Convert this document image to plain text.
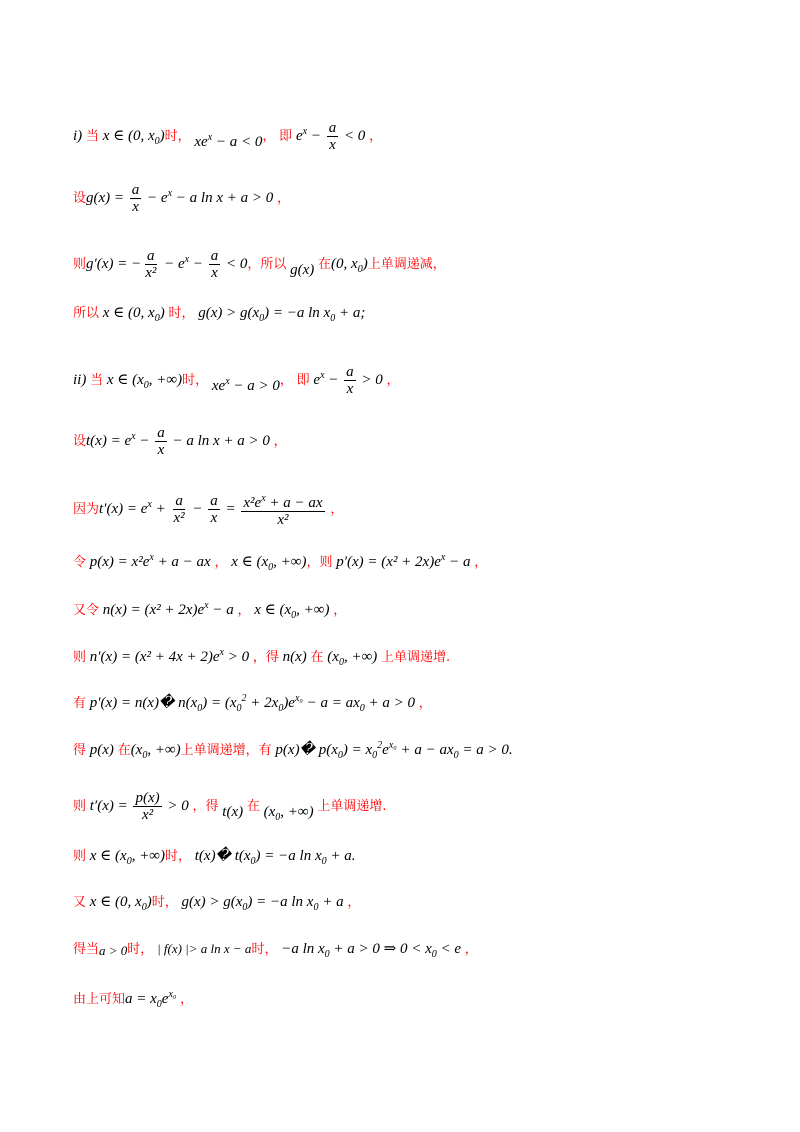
i) 当 x ∈ (0, $x_0$)时， $xe^x - a < 0$， 即 $e^x - \frac{a}{x} < 0$ ，
设$g(x) = \frac{a}{x} - e^x - a$ ln x + a > 0 ，
则g′(x) = − $\frac{a}{\text{x²}} - e^x - \frac{a}{x} < 0$，所以 g(x) 在(0, $x_0$)上单调递减，
所以 x ∈ (0, $x_0$) 时， $g(x) > g(x_0) = -a$ $\ln x_0 + a$;
ii) 当 x ∈ ($x_0$, +∞)时， $xe^x - a > 0$， 即 $e^x - \frac{a}{x} > 0$ ，
设$t(x) = e^x - \frac{a}{x} - a$ ln x + a > 0 ，
因为$t'(x) = e^x + \frac{a}{\text{x²}} - \frac{a}{x} = \frac{x^2e^x + a - ax}{\text{x²}}$ ，
令 $p(x) = x^2e^x + a$ − ax ， x ∈ ($x_0$, +∞)，则 $p'(x) = (x^2 + 2x)e^x - a$ ，
又令 $n(x) = (x^2 + 2x)e^x - a$ ， x ∈ ($x_0$, +∞) ，
则 $n'(x) = (x^2 + 4x + 2)e^x > 0$ ，得 n(x) 在 ($x_0$, +∞) 上单调递增.
有 p′(x) = n(x)� $n(x_0) = (x_0^2 + 2x_0)e^{x_0} - a = ax_0 + a > 0$ ，
得 p(x) 在($x_0$, +∞)上单调递增，有 p(x)� $p(x_0) = x_0^2e^{x_0} + a - ax_0 = a > 0$.
则 $t'(x) = \frac{p(x)}{\text{x²}} > 0$ ，得 t(x) 在 ($x_0$, +∞) 上单调递增.
则 x ∈ ($x_0$, +∞)时， t(x)� $t(x_0) = -a$ $\ln x_0 + a$.
又 x ∈ (0, $x_0$)时， $g(x) > g(x_0) = -a$ $\ln x_0 + a$ ，
得当a > 0时， | f(x) |> a ln x − a时， −a $\ln x_0 + a > 0$ ⇒ $0 < x_0 < e$ ，
由上可知$a = x_0e^{x_0}$ ，
